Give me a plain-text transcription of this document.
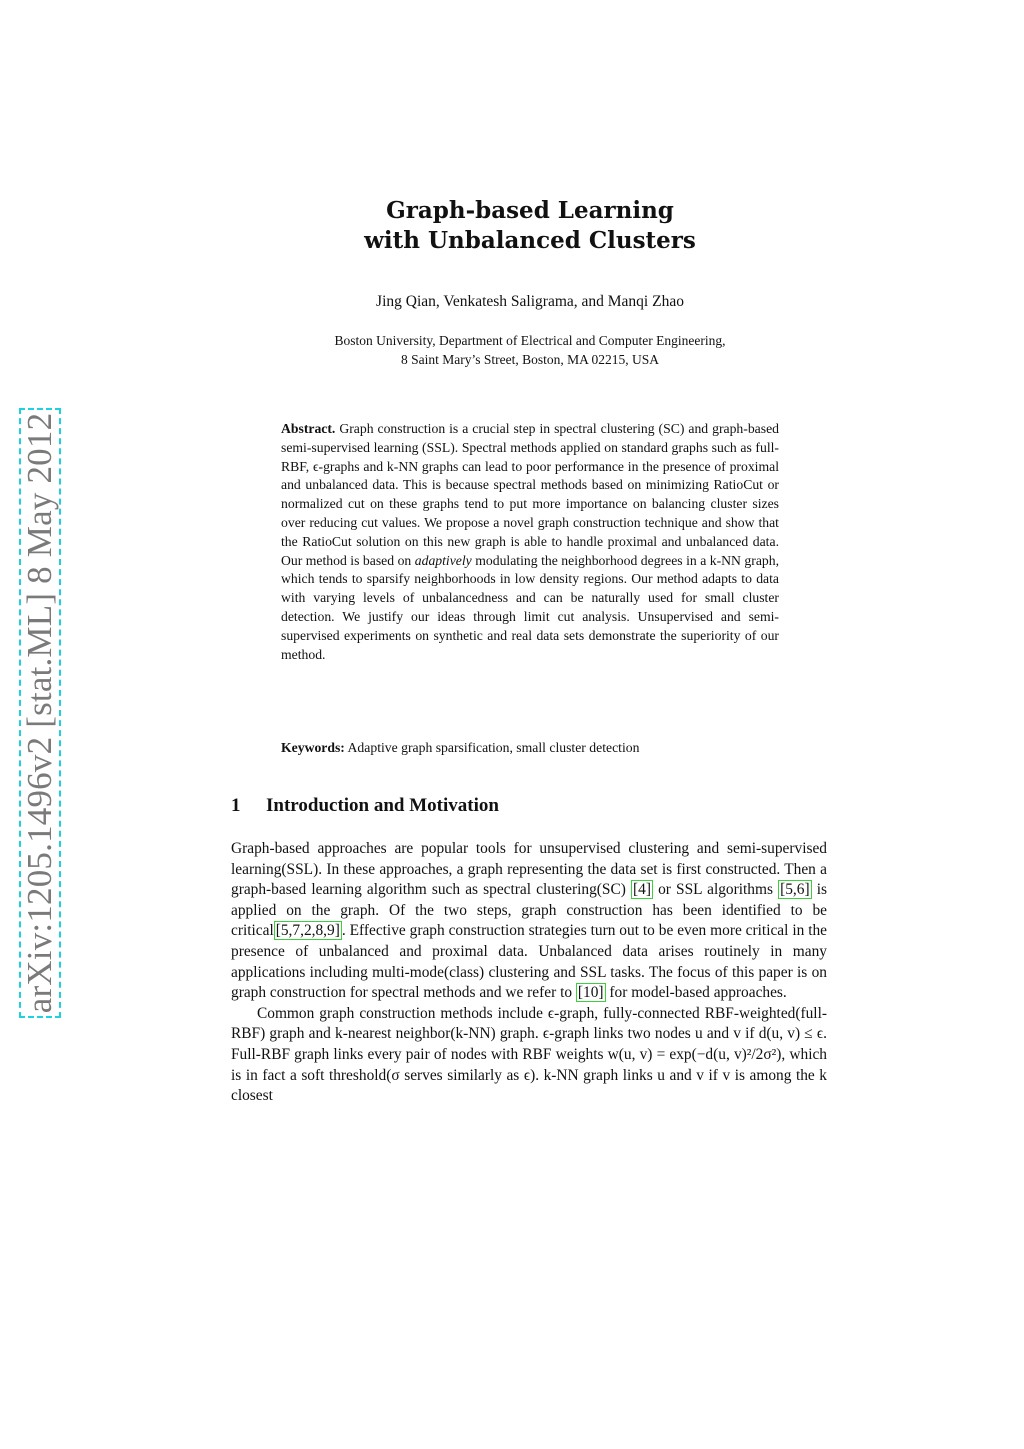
arXiv:1205.1496v2 [stat.ML] 8 May 2012
Graph-based Learning
with Unbalanced Clusters
Jing Qian, Venkatesh Saligrama, and Manqi Zhao
Boston University, Department of Electrical and Computer Engineering,
8 Saint Mary’s Street, Boston, MA 02215, USA
Abstract. Graph construction is a crucial step in spectral clustering (SC) and graph-based semi-supervised learning (SSL). Spectral methods applied on standard graphs such as full-RBF, ϵ-graphs and k-NN graphs can lead to poor performance in the presence of proximal and unbalanced data. This is because spectral methods based on minimizing RatioCut or normalized cut on these graphs tend to put more importance on balancing cluster sizes over reducing cut values. We propose a novel graph construction technique and show that the RatioCut solution on this new graph is able to handle proximal and unbalanced data. Our method is based on adaptively modulating the neighborhood degrees in a k-NN graph, which tends to sparsify neighborhoods in low density regions. Our method adapts to data with varying levels of unbalancedness and can be naturally used for small cluster detection. We justify our ideas through limit cut analysis. Unsupervised and semi-supervised experiments on synthetic and real data sets demonstrate the superiority of our method.
Keywords: Adaptive graph sparsification, small cluster detection
1 Introduction and Motivation

Graph-based approaches are popular tools for unsupervised clustering and semi-supervised learning(SSL). In these approaches, a graph representing the data set is first constructed. Then a graph-based learning algorithm such as spectral clustering(SC) [4] or SSL algorithms [5,6] is applied on the graph. Of the two steps, graph construction has been identified to be critical [5,7,2,8,9] . Effective graph construction strategies turn out to be even more critical in the presence of unbalanced and proximal data. Unbalanced data arises routinely in many applications including multi-mode(class) clustering and SSL tasks. The focus of this paper is on graph construction for spectral methods and we refer to [10] for model-based approaches.

Common graph construction methods include ϵ-graph, fully-connected RBF-weighted(full-RBF) graph and k-nearest neighbor(k-NN) graph. ϵ-graph links two nodes u and v if d(u, v) ≤ ϵ. Full-RBF graph links every pair of nodes with RBF weights w(u, v) = exp(−d(u, v)²/2σ²), which is in fact a soft threshold(σ serves similarly as ϵ). k-NN graph links u and v if v is among the k closest
